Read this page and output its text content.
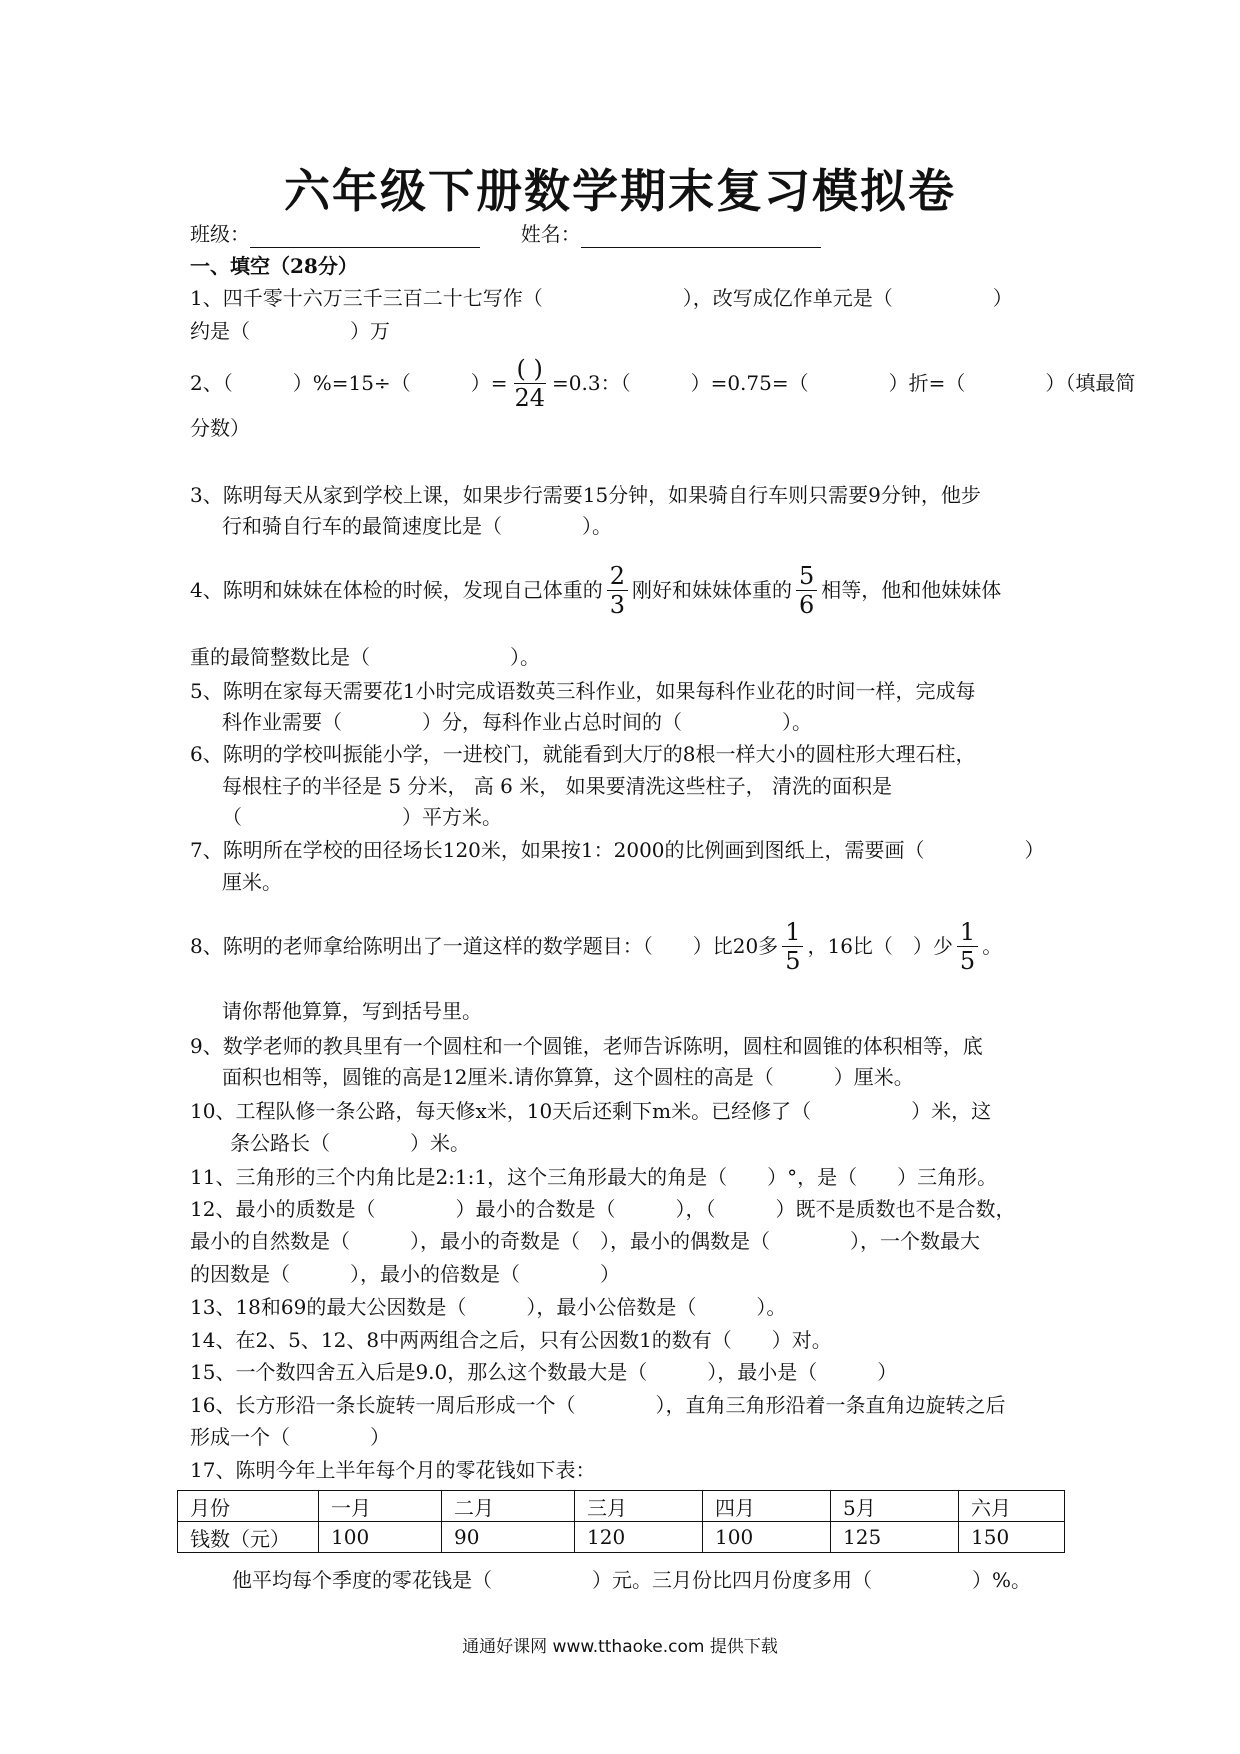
六年级下册数学期末复习模拟卷
班级：	姓名：
一、填空（28分）
1、四千零十六万三千三百二十七写作（　　　　　　　），改写成亿作单元是（　　　　　）
约是（　　　　　）万
2、（　　　）%=15÷（　　　）= $\frac{( )}{24} =0.3$：（　　　）=0.75=（　　　　）折=（　　　　）（填最简
分数）
3、陈明每天从家到学校上课，如果步行需要15分钟，如果骑自行车则只需要9分钟，他步
行和骑自行车的最简速度比是（　　　　）。
4、陈明和妹妹在体检的时候，发现自己体重的 $\frac{2}{3}$ 刚好和妹妹体重的 $\frac{5}{6}$ 相等，他和他妹妹体
重的最简整数比是（　　　　　　　）。
5、陈明在家每天需要花1小时完成语数英三科作业，如果每科作业花的时间一样，完成每
科作业需要（　　　　）分，每科作业占总时间的（　　　　　）。
6、陈明的学校叫振能小学，一进校门，就能看到大厅的8根一样大小的圆柱形大理石柱，
每根柱子的半径是 5 分米， 高 6 米， 如果要清洗这些柱子， 清洗的面积是
（　　　　　　　　）平方米。
7、陈明所在学校的田径场长120米，如果按1：2000的比例画到图纸上，需要画（　　　　　）
厘米。
8、陈明的老师拿给陈明出了一道这样的数学题目：（　　）比20多 $\frac{1}{5}$ ，16比（　）少 $\frac{1}{5}$ 。
请你帮他算算，写到括号里。
9、数学老师的教具里有一个圆柱和一个圆锥，老师告诉陈明，圆柱和圆锥的体积相等，底
面积也相等，圆锥的高是12厘米.请你算算，这个圆柱的高是（　　　）厘米。
10、工程队修一条公路，每天修x米，10天后还剩下m米。已经修了（　　　　　）米，这
条公路长（　　　　）米。
11、三角形的三个内角比是2:1:1，这个三角形最大的角是（　　）°，是（　　）三角形。
12、最小的质数是（　　　　）最小的合数是（　　　），（　　　）既不是质数也不是合数，
最小的自然数是（　　　），最小的奇数是（　），最小的偶数是（　　　　），一个数最大
的因数是（　　　），最小的倍数是（　　　　）
13、18和69的最大公因数是（　　　），最小公倍数是（　　　）。
14、在2、5、12、8中两两组合之后，只有公因数1的数有（　　）对。
15、一个数四舍五入后是9.0，那么这个数最大是（　　　），最小是（　　　）
16、长方形沿一条长旋转一周后形成一个（　　　　），直角三角形沿着一条直角边旋转之后
形成一个（　　　　）
17、陈明今年上半年每个月的零花钱如下表：
月份	一月	二月	三月	四月	5月	六月
钱数（元）	100	90	120	100	125	150
他平均每个季度的零花钱是（　　　　　）元。三月份比四月份度多用（　　　　　）%。
通通好课网 www.tthaoke.com 提供下载
